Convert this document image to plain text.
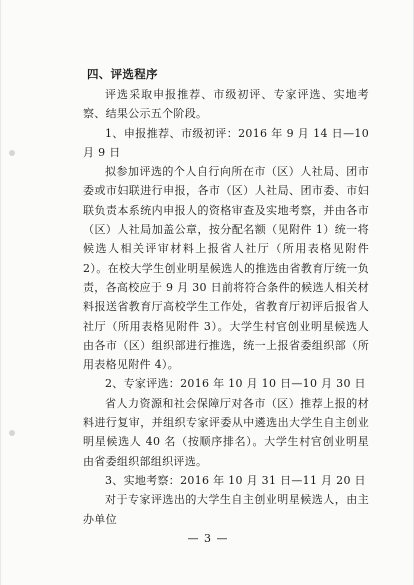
四、评选程序

评选采取申报推荐、市级初评、专家评选、实地考察、结果公示五个阶段。

1、申报推荐、市级初评：2016 年 9 月 14 日—10 月 9 日

拟参加评选的个人自行向所在市（区）人社局、团市委或市妇联进行申报，各市（区）人社局、团市委、市妇联负责本系统内申报人的资格审查及实地考察，并由各市（区）人社局加盖公章，按分配名额（见附件 1）统一将候选人相关评审材料上报省人社厅（所用表格见附件 2）。在校大学生创业明星候选人的推选由省教育厅统一负责，各高校应于 9 月 30 日前将符合条件的候选人相关材料报送省教育厅高校学生工作处，省教育厅初评后报省人社厅（所用表格见附件 3）。大学生村官创业明星候选人由各市（区）组织部进行推选，统一上报省委组织部（所用表格见附件 4）。

2、专家评选：2016 年 10 月 10 日—10 月 30 日

省人力资源和社会保障厅对各市（区）推荐上报的材料进行复审，并组织专家评委从中遴选出大学生自主创业明星候选人 40 名（按顺序排名）。大学生村官创业明星由省委组织部组织评选。

3、实地考察：2016 年 10 月 31 日—11 月 20 日

对于专家评选出的大学生自主创业明星候选人，由主办单位

— 3 —
